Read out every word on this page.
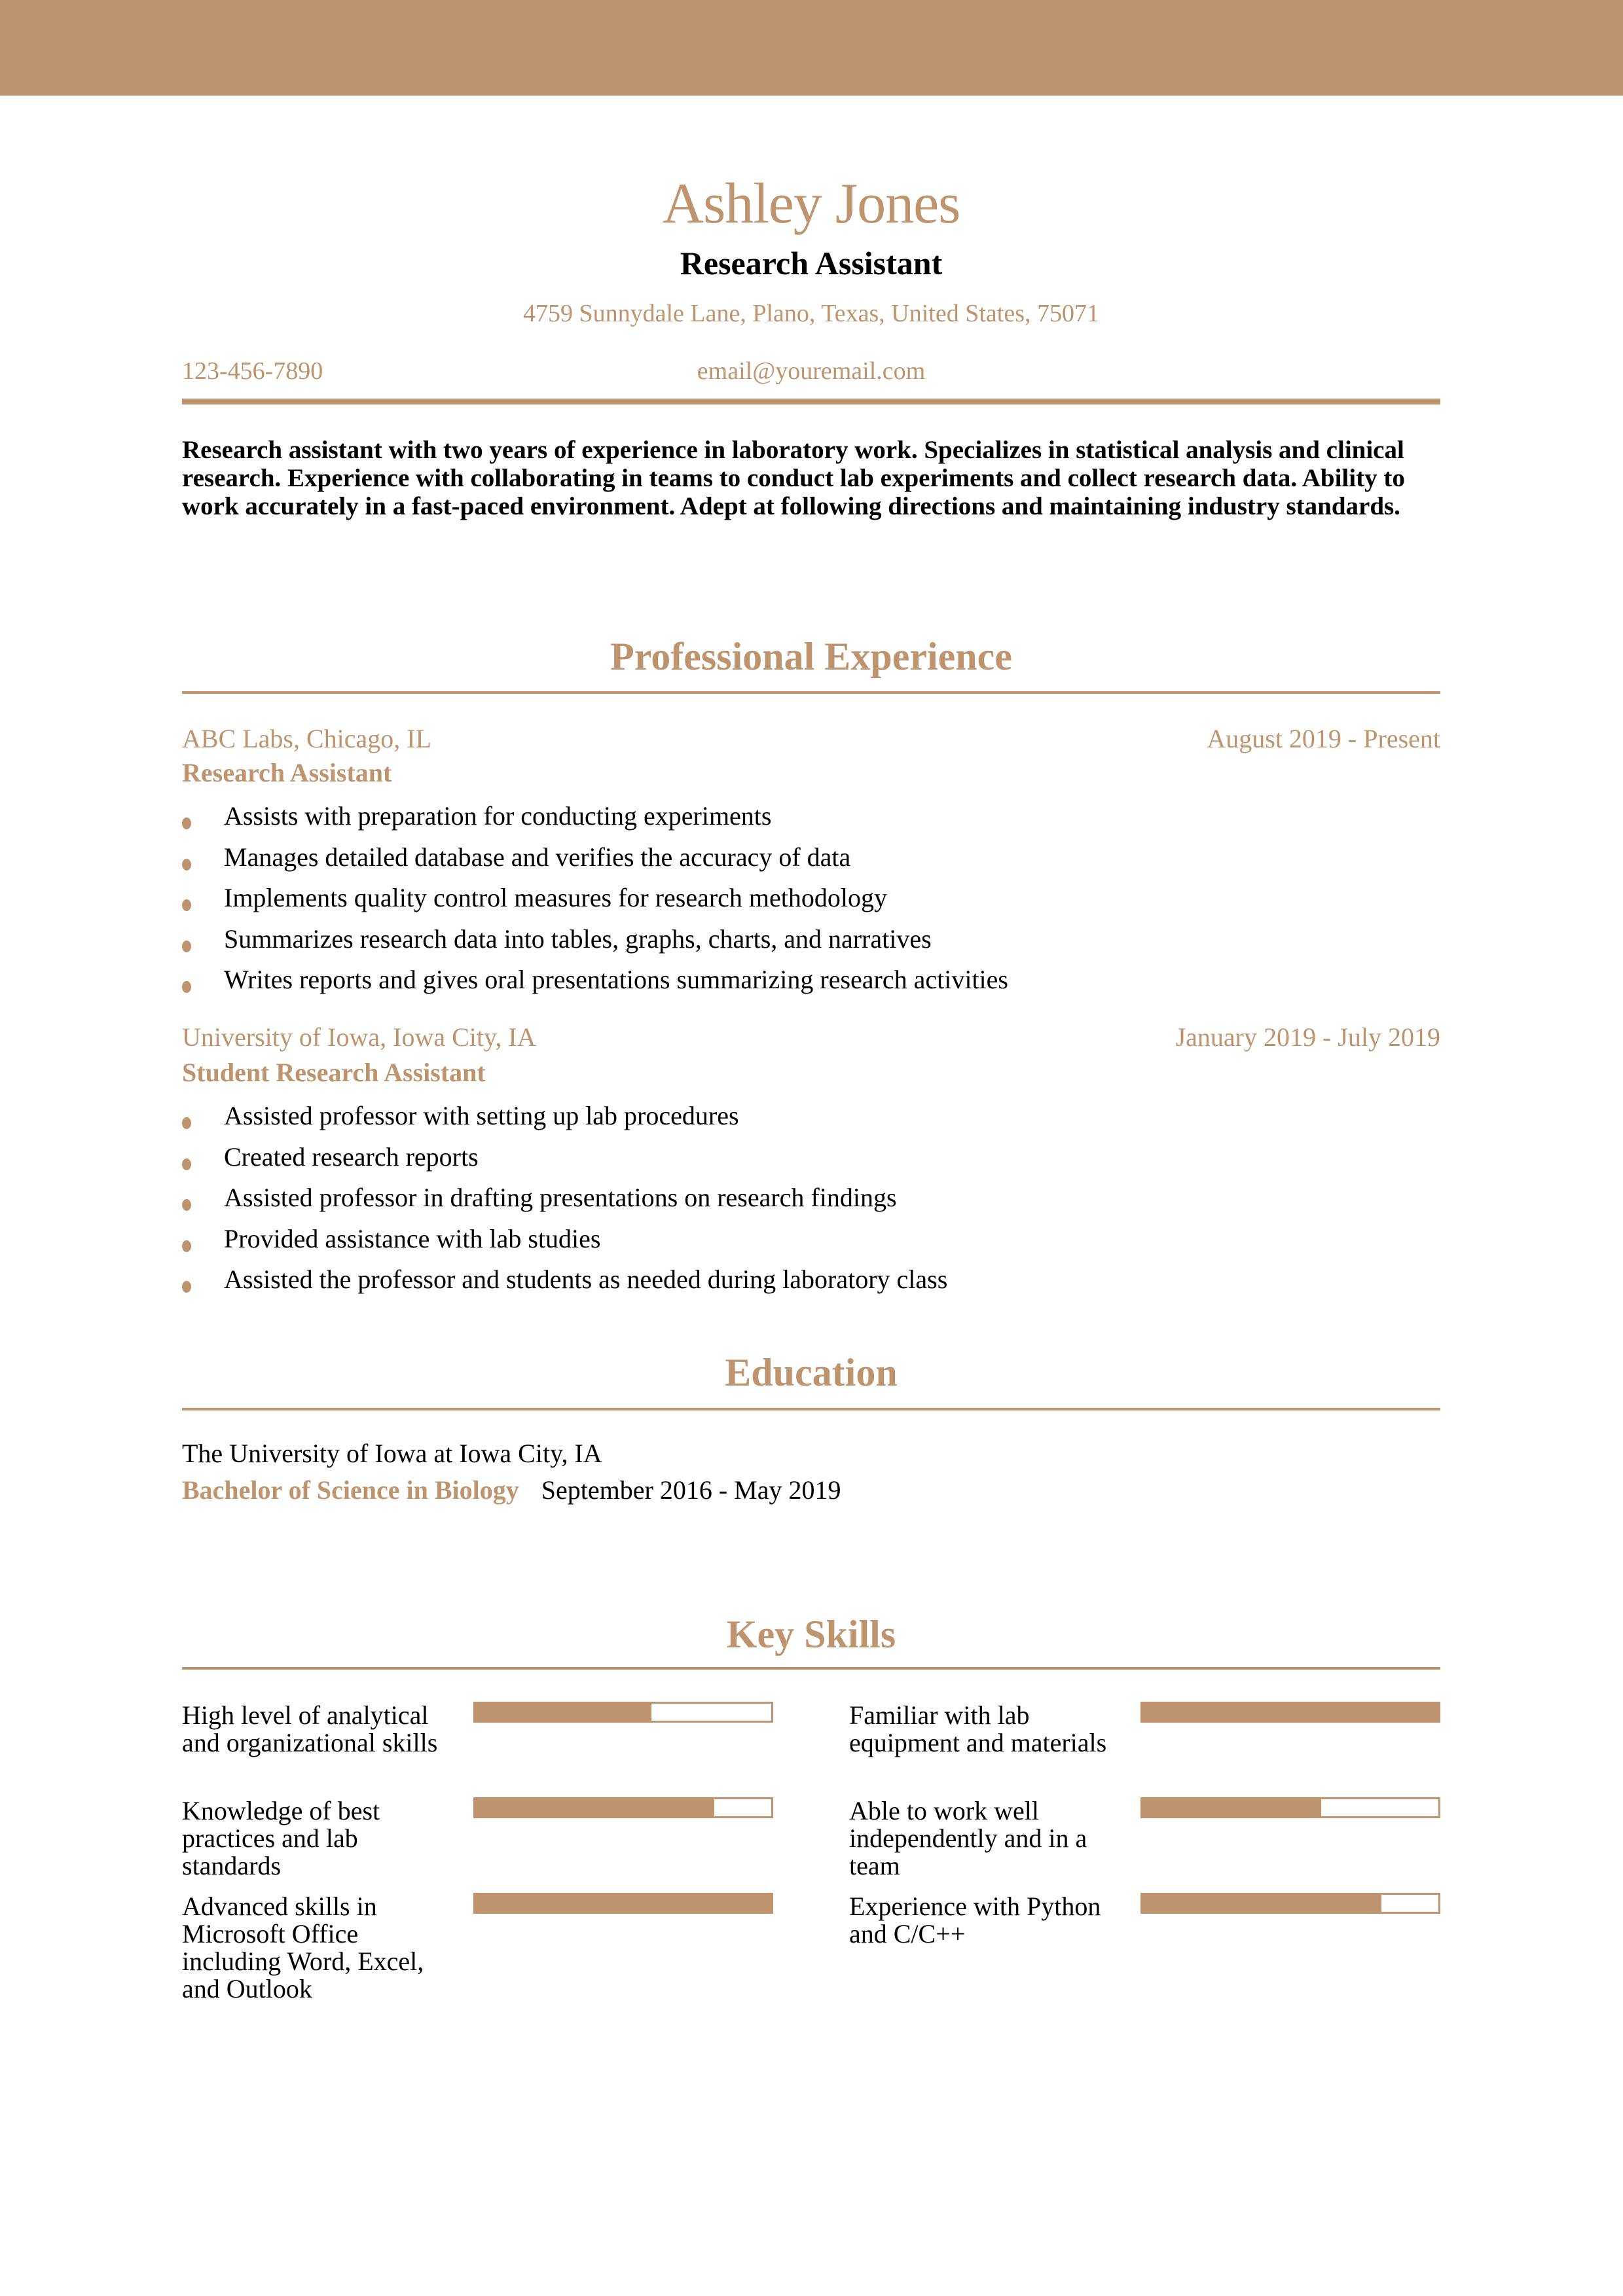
Ashley Jones
Research Assistant
4759 Sunnydale Lane, Plano, Texas, United States, 75071
email@youremail.com
123-456-7890
Research assistant with two years of experience in laboratory work. Specializes in statistical analysis and clinical research. Experience with collaborating in teams to conduct lab experiments and collect research data. Ability to work accurately in a fast-paced environment. Adept at following directions and maintaining industry standards.
Professional Experience
ABC Labs, Chicago, IL	August 2019 - Present
Research Assistant
Assists with preparation for conducting experiments
Manages detailed database and verifies the accuracy of data
Implements quality control measures for research methodology
Summarizes research data into tables, graphs, charts, and narratives
Writes reports and gives oral presentations summarizing research activities
University of Iowa, Iowa City, IA	January 2019 - July 2019
Student Research Assistant
Assisted professor with setting up lab procedures
Created research reports
Assisted professor in drafting presentations on research findings
Provided assistance with lab studies
Assisted the professor and students as needed during laboratory class
Education
The University of Iowa at Iowa City, IA
Bachelor of Science in Biology September 2016 - May 2019
Key Skills
High level of analytical and organizational skills
Familiar with lab equipment and materials
Knowledge of best practices and lab standards
Able to work well independently and in a team
Advanced skills in Microsoft Office including Word, Excel, and Outlook
Experience with Python and C/C++
